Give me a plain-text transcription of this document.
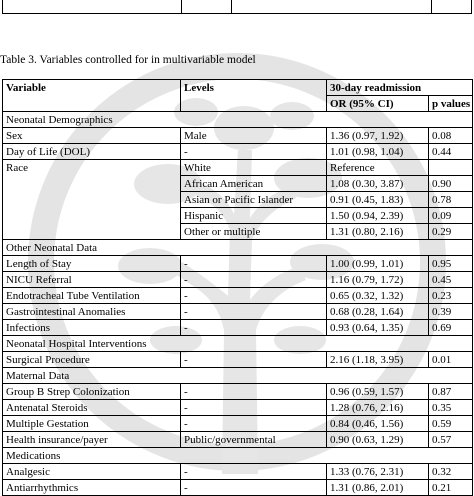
Table 3. Variables controlled for in multivariable model
Variable	Levels	30-day readmission	
		OR (95% CI)	p values
Neonatal Demographics			
Sex	Male	1.36 (0.97, 1.92)	0.08
Day of Life (DOL)	-	1.01 (0.98, 1.04)	0.44
Race	White	Reference	
	African American	1.08 (0.30, 3.87)	0.90
	Asian or Pacific Islander	0.91 (0.45, 1.83)	0.78
	Hispanic	1.50 (0.94, 2.39)	0.09
	Other or multiple	1.31 (0.80, 2.16)	0.29
Other Neonatal Data			
Length of Stay	-	1.00 (0.99, 1.01)	0.95
NICU Referral	-	1.16 (0.79, 1.72)	0.45
Endotracheal Tube Ventilation	-	0.65 (0.32, 1.32)	0.23
Gastrointestinal Anomalies	-	0.68 (0.28, 1.64)	0.39
Infections	-	0.93 (0.64, 1.35)	0.69
Neonatal Hospital Interventions			
Surgical Procedure	-	2.16 (1.18, 3.95)	0.01
Maternal Data			
Group B Strep Colonization	-	0.96 (0.59, 1.57)	0.87
Antenatal Steroids	-	1.28 (0.76, 2.16)	0.35
Multiple Gestation	-	0.84 (0.46, 1.56)	0.59
Health insurance/payer	Public/governmental	0.90 (0.63, 1.29)	0.57
Medications			
Analgesic	-	1.33 (0.76, 2.31)	0.32
Antiarrhythmics	-	1.31 (0.86, 2.01)	0.21
